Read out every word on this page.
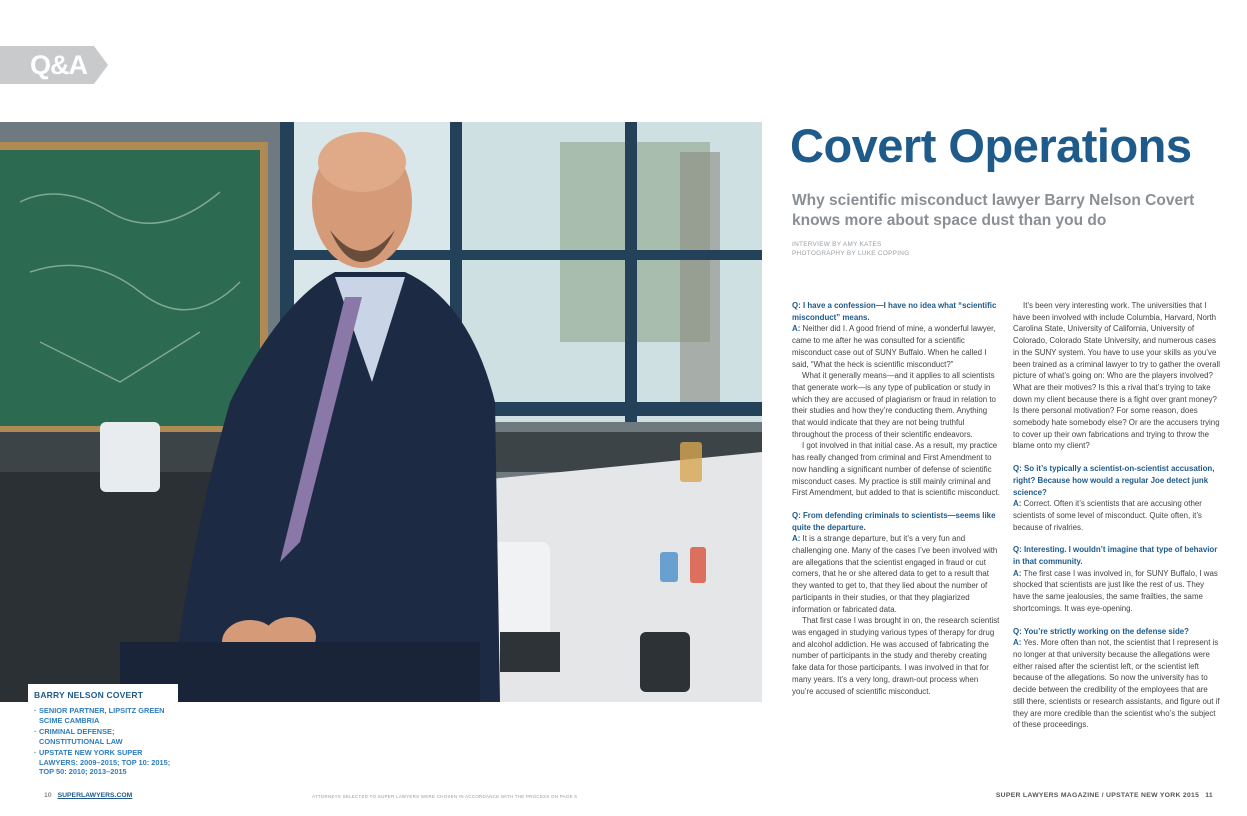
Q&A
BARRY NELSON COVERT
· SENIOR PARTNER, LIPSITZ GREEN SCIME CAMBRIA
· CRIMINAL DEFENSE; CONSTITUTIONAL LAW
· UPSTATE NEW YORK SUPER LAWYERS: 2009–2015; TOP 10: 2015; TOP 50: 2010; 2013–2015
Covert Operations
Why scientific misconduct lawyer Barry Nelson Covert knows more about space dust than you do
INTERVIEW BY AMY KATES
PHOTOGRAPHY BY LUKE COPPING
Q: I have a confession—I have no idea what “scientific misconduct” means.
A: Neither did I. A good friend of mine, a wonderful lawyer, came to me after he was consulted for a scientific misconduct case out of SUNY Buffalo. When he called I said, “What the heck is scientific misconduct?”
What it generally means—and it applies to all scientists that generate work—is any type of publication or study in which they are accused of plagiarism or fraud in relation to their studies and how they’re conducting them. Anything that would indicate that they are not being truthful throughout the process of their scientific endeavors.
I got involved in that initial case. As a result, my practice has really changed from criminal and First Amendment to now handling a significant number of defense of scientific misconduct cases. My practice is still mainly criminal and First Amendment, but added to that is scientific misconduct.
Q: From defending criminals to scientists—seems like quite the departure.
A: It is a strange departure, but it’s a very fun and challenging one. Many of the cases I’ve been involved with are allegations that the scientist engaged in fraud or cut corners, that he or she altered data to get to a result that they wanted to get to, that they lied about the number of participants in their studies, or that they plagiarized information or fabricated data.
That first case I was brought in on, the research scientist was engaged in studying various types of therapy for drug and alcohol addiction. He was accused of fabricating the number of participants in the study and thereby creating fake data for those participants. I was involved in that for many years. It’s a very long, drawn-out process when you’re accused of scientific misconduct.
It’s been very interesting work. The universities that I have been involved with include Columbia, Harvard, North Carolina State, University of California, University of Colorado, Colorado State University, and numerous cases in the SUNY system. You have to use your skills as you’ve been trained as a criminal lawyer to try to gather the overall picture of what’s going on: Who are the players involved? What are their motives? Is this a rival that’s trying to take down my client because there is a fight over grant money? Is there personal motivation? For some reason, does somebody hate somebody else? Or are the accusers trying to cover up their own fabrications and trying to throw the blame onto my client?
Q: So it’s typically a scientist-on-scientist accusation, right? Because how would a regular Joe detect junk science?
A: Correct. Often it’s scientists that are accusing other scientists of some level of misconduct. Quite often, it’s because of rivalries.
Q: Interesting. I wouldn’t imagine that type of behavior in that community.
A: The first case I was involved in, for SUNY Buffalo, I was shocked that scientists are just like the rest of us. They have the same jealousies, the same frailties, the same shortcomings. It was eye-opening.
Q: You’re strictly working on the defense side?
A: Yes. More often than not, the scientist that I represent is no longer at that university because the allegations were either raised after the scientist left, or the scientist left because of the allegations. So now the university has to decide between the credibility of the employees that are still there, scientists or research assistants, and figure out if they are more credible than the scientist who’s the subject of these proceedings.
10 SUPERLAWYERS.COM	ATTORNEYS SELECTED TO SUPER LAWYERS WERE CHOSEN IN ACCORDANCE WITH THE PROCESS ON PAGE 6	SUPER LAWYERS MAGAZINE / UPSTATE NEW YORK 2015 11
